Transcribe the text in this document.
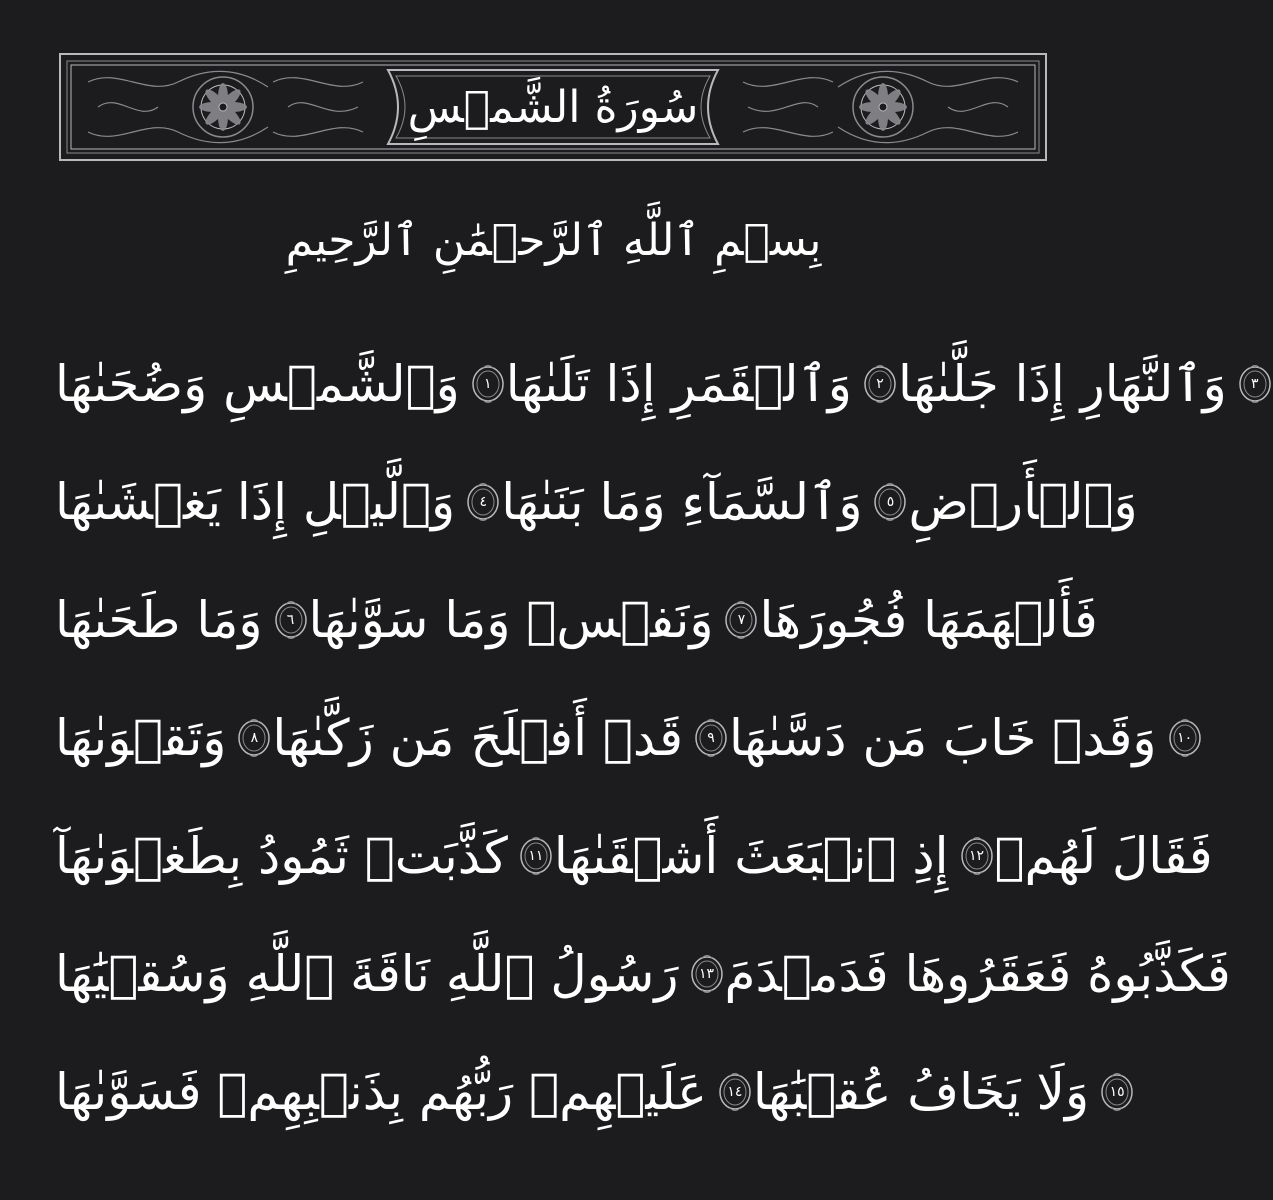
سُورَةُ الشَّمۡسِ
بِسۡمِ ٱللَّهِ ٱلرَّحۡمَٰنِ ٱلرَّحِيمِ
وَٱلشَّمۡسِ وَضُحَىٰهَا	١ وَٱلۡقَمَرِ إِذَا تَلَىٰهَا	٢ وَٱلنَّهَارِ إِذَا جَلَّىٰهَا	٣
وَٱلَّيۡلِ إِذَا يَغۡشَىٰهَا	٤ وَٱلسَّمَآءِ وَمَا بَنَىٰهَا	٥ وَٱلۡأَرۡضِ
وَمَا طَحَىٰهَا	٦ وَنَفۡسٖ وَمَا سَوَّىٰهَا	٧ فَأَلۡهَمَهَا فُجُورَهَا
وَتَقۡوَىٰهَا	٨ قَدۡ أَفۡلَحَ مَن زَكَّىٰهَا	٩ وَقَدۡ خَابَ مَن دَسَّىٰهَا	١٠
كَذَّبَتۡ ثَمُودُ بِطَغۡوَىٰهَآ	١١ إِذِ ٱنۢبَعَثَ أَشۡقَىٰهَا	١٢ فَقَالَ لَهُمۡ
رَسُولُ ٱللَّهِ نَاقَةَ ٱللَّهِ وَسُقۡيَٰهَا	١٣ فَكَذَّبُوهُ فَعَقَرُوهَا فَدَمۡدَمَ
عَلَيۡهِمۡ رَبُّهُم بِذَنۢبِهِمۡ فَسَوَّىٰهَا	١٤ وَلَا يَخَافُ عُقۡبَٰهَا	١٥
